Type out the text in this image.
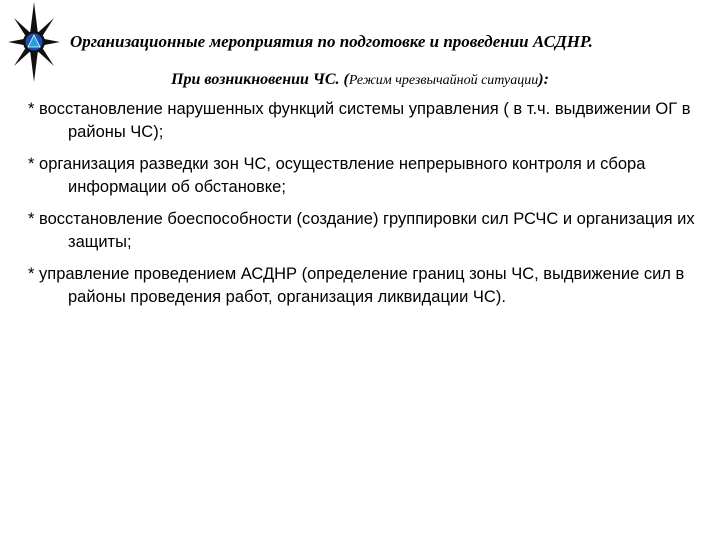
Организационные мероприятия по подготовке и проведении АСДНР.
При возникновении ЧС. (Режим чрезвычайной ситуации):
* восстановление нарушенных функций системы управления ( в т.ч. выдвижении ОГ в районы ЧС);
* организация разведки зон ЧС, осуществление непрерывного контроля и сбора информации об обстановке;
* восстановление боеспособности (создание) группировки сил РСЧС и организация их защиты;
* управление проведением АСДНР (определение границ зоны ЧС, выдвижение сил в районы проведения работ, организация ликвидации ЧС).
